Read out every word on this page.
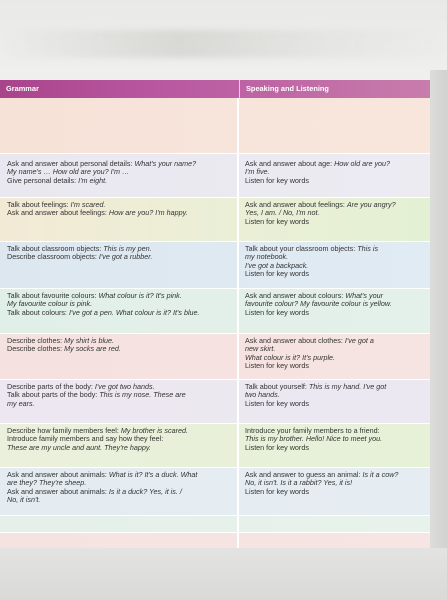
Grammar	Speaking and Listening
Ask and answer about personal details: What's your name?
My name's … How old are you? I'm …
Give personal details: I'm eight.
Ask and answer about age: How old are you?
I'm five.
Listen for key words
Talk about feelings: I'm scared.
Ask and answer about feelings: How are you? I'm happy.
Ask and answer about feelings: Are you angry?
Yes, I am. / No, I'm not.
Listen for key words
Talk about classroom objects: This is my pen.
Describe classroom objects: I've got a rubber.
Talk about your classroom objects: This is
my notebook.
I've got a backpack.
Listen for key words
Talk about favourite colours: What colour is it? It's pink.
My favourite colour is pink.
Talk about colours: I've got a pen. What colour is it? It's blue.
Ask and answer about colours: What's your
favourite colour? My favourite colour is yellow.
Listen for key words
Describe clothes: My shirt is blue.
Describe clothes: My socks are red.
Ask and answer about clothes: I've got a
new skirt.
What colour is it? It's purple.
Listen for key words
Describe parts of the body: I've got two hands.
Talk about parts of the body: This is my nose. These are
my ears.
Talk about yourself: This is my hand. I've got
two hands.
Listen for key words
Describe how family members feel: My brother is scared.
Introduce family members and say how they feel:
These are my uncle and aunt. They're happy.
Introduce your family members to a friend:
This is my brother. Hello! Nice to meet you.
Listen for key words
Ask and answer about animals: What is it? It's a duck. What
are they? They're sheep.
Ask and answer about animals: Is it a duck? Yes, it is. /
No, it isn't.
Ask and answer to guess an animal: Is it a cow?
No, it isn't. Is it a rabbit? Yes, it is!
Listen for key words
